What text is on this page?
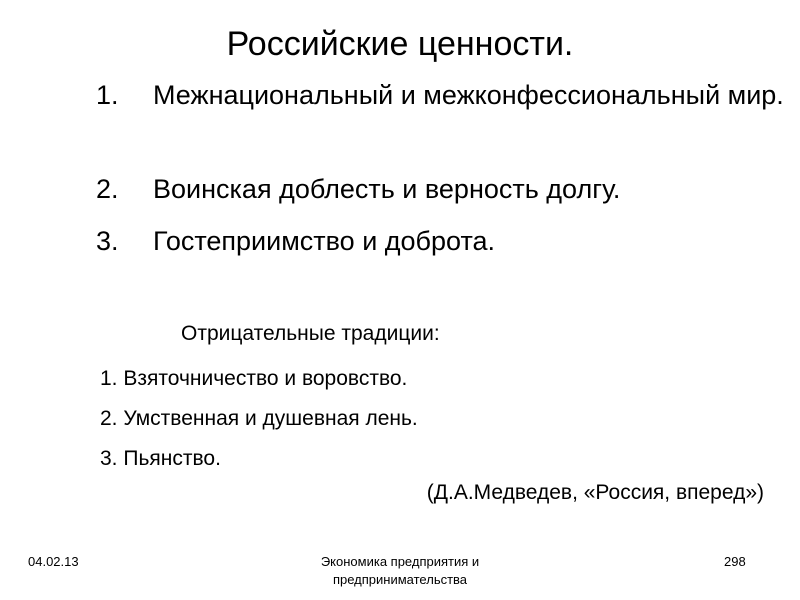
Российские ценности.
1. Межнациональный и межконфессиональный мир.
2. Воинская доблесть и верность долгу.
3. Гостеприимство и доброта.
Отрицательные традиции:
1. Взяточничество и воровство.
2. Умственная и душевная лень.
3. Пьянство.
(Д.А.Медведев, «Россия, вперед»)
04.02.13	Экономика предприятия и
предпринимательства
298
